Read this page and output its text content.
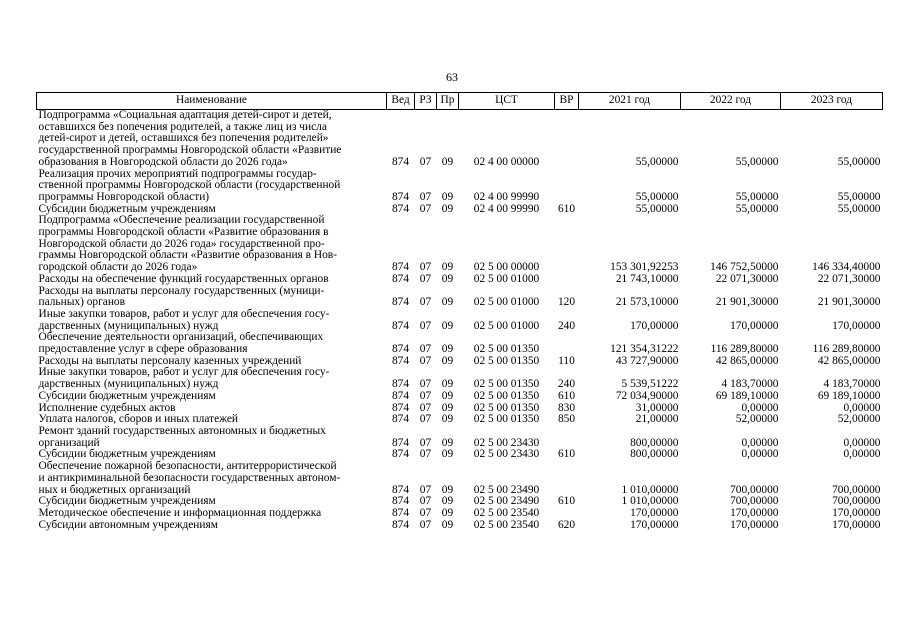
63
Наименование	Вед	РЗ	Пр	ЦСТ	ВР	2021 год	2022 год	2023 год

Подпрограмма «Социальная адаптация детей-сирот и детей,
оставшихся без попечения родителей, а также лиц из числа
детей-сирот и детей, оставшихся без попечения родителей»
государственной программы Новгородской области «Развитие
образования в Новгородской области до 2026 года»	874	07	09	02 4 00 00000		55,00000	55,00000	55,00000

Реализация прочих мероприятий подпрограммы государ-
ственной программы Новгородской области (государственной
программы Новгородской области)	874	07	09	02 4 00 99990		55,00000	55,00000	55,00000

Субсидии бюджетным учреждениям	874	07	09	02 4 00 99990	610	55,00000	55,00000	55,00000

Подпрограмма «Обеспечение реализации государственной
программы Новгородской области «Развитие образования в
Новгородской области до 2026 года» государственной про-
граммы Новгородской области «Развитие образования в Нов-
городской области до 2026 года»	874	07	09	02 5 00 00000		153 301,92253	146 752,50000	146 334,40000

Расходы на обеспечение функций государственных органов	874	07	09	02 5 00 01000		21 743,10000	22 071,30000	22 071,30000

Расходы на выплаты персоналу государственных (муници-
пальных) органов	874	07	09	02 5 00 01000	120	21 573,10000	21 901,30000	21 901,30000

Иные закупки товаров, работ и услуг для обеспечения госу-
дарственных (муниципальных) нужд	874	07	09	02 5 00 01000	240	170,00000	170,00000	170,00000

Обеспечение деятельности организаций, обеспечивающих
предоставление услуг в сфере образования	874	07	09	02 5 00 01350		121 354,31222	116 289,80000	116 289,80000

Расходы на выплаты персоналу казенных учреждений	874	07	09	02 5 00 01350	110	43 727,90000	42 865,00000	42 865,00000

Иные закупки товаров, работ и услуг для обеспечения госу-
дарственных (муниципальных) нужд	874	07	09	02 5 00 01350	240	5 539,51222	4 183,70000	4 183,70000

Субсидии бюджетным учреждениям	874	07	09	02 5 00 01350	610	72 034,90000	69 189,10000	69 189,10000

Исполнение судебных актов	874	07	09	02 5 00 01350	830	31,00000	0,00000	0,00000

Уплата налогов, сборов и иных платежей	874	07	09	02 5 00 01350	850	21,00000	52,00000	52,00000

Ремонт зданий государственных автономных и бюджетных
организаций	874	07	09	02 5 00 23430		800,00000	0,00000	0,00000

Субсидии бюджетным учреждениям	874	07	09	02 5 00 23430	610	800,00000	0,00000	0,00000

Обеспечение пожарной безопасности, антитеррористической
и антикриминальной безопасности государственных автоном-
ных и бюджетных организаций	874	07	09	02 5 00 23490		1 010,00000	700,00000	700,00000

Субсидии бюджетным учреждениям	874	07	09	02 5 00 23490	610	1 010,00000	700,00000	700,00000

Методическое обеспечение и информационная поддержка	874	07	09	02 5 00 23540		170,00000	170,00000	170,00000

Субсидии автономным учреждениям	874	07	09	02 5 00 23540	620	170,00000	170,00000	170,00000
